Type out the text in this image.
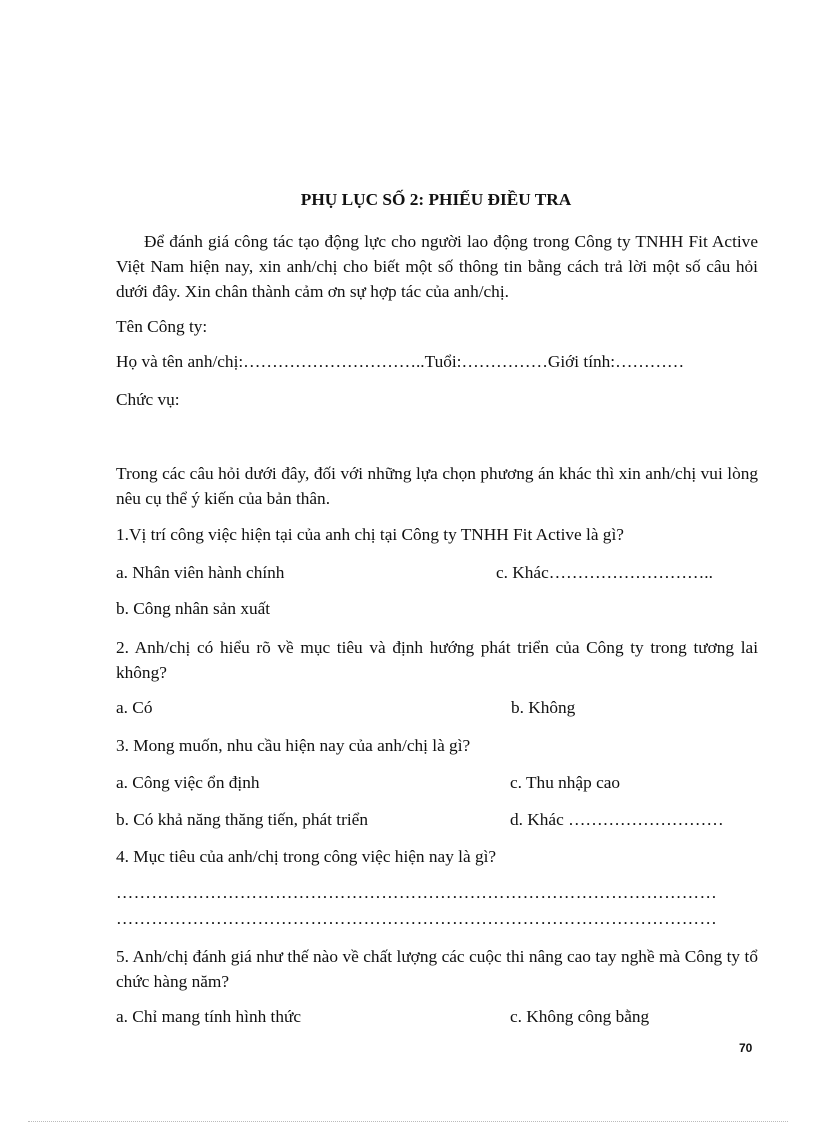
PHỤ LỤC SỐ 2: PHIẾU ĐIỀU TRA
Để đánh giá công tác tạo động lực cho người lao động trong Công ty TNHH Fit Active Việt Nam hiện nay, xin anh/chị cho biết một số thông tin bằng cách trả lời một số câu hỏi dưới đây. Xin chân thành cảm ơn sự hợp tác của anh/chị.
Tên Công ty:
Họ và tên anh/chị:…………………………..Tuổi:……………Giới tính:…………
Chức vụ:
Trong các câu hỏi dưới đây, đối với những lựa chọn phương án khác thì xin anh/chị vui lòng nêu cụ thể ý kiến của bản thân.
1.Vị trí công việc hiện tại của anh chị tại Công ty TNHH Fit Active là gì?
a. Nhân viên hành chính	c. Khác………………………..
b. Công nhân sản xuất
2. Anh/chị có hiểu rõ về mục tiêu và định hướng phát triển của Công ty trong tương lai không?
a. Có	b. Không
3. Mong muốn, nhu cầu hiện nay của anh/chị là gì?
a. Công việc ổn định	c. Thu nhập cao
b. Có khả năng thăng tiến, phát triển	d. Khác ………………………
4. Mục tiêu của anh/chị trong công việc hiện nay là gì?
…………………………………………………………………………………………
…………………………………………………………………………………………
5. Anh/chị đánh giá như thế nào về chất lượng các cuộc thi nâng cao tay nghề mà Công ty tổ chức hàng năm?
a. Chỉ mang tính hình thức	c. Không công bằng
70
